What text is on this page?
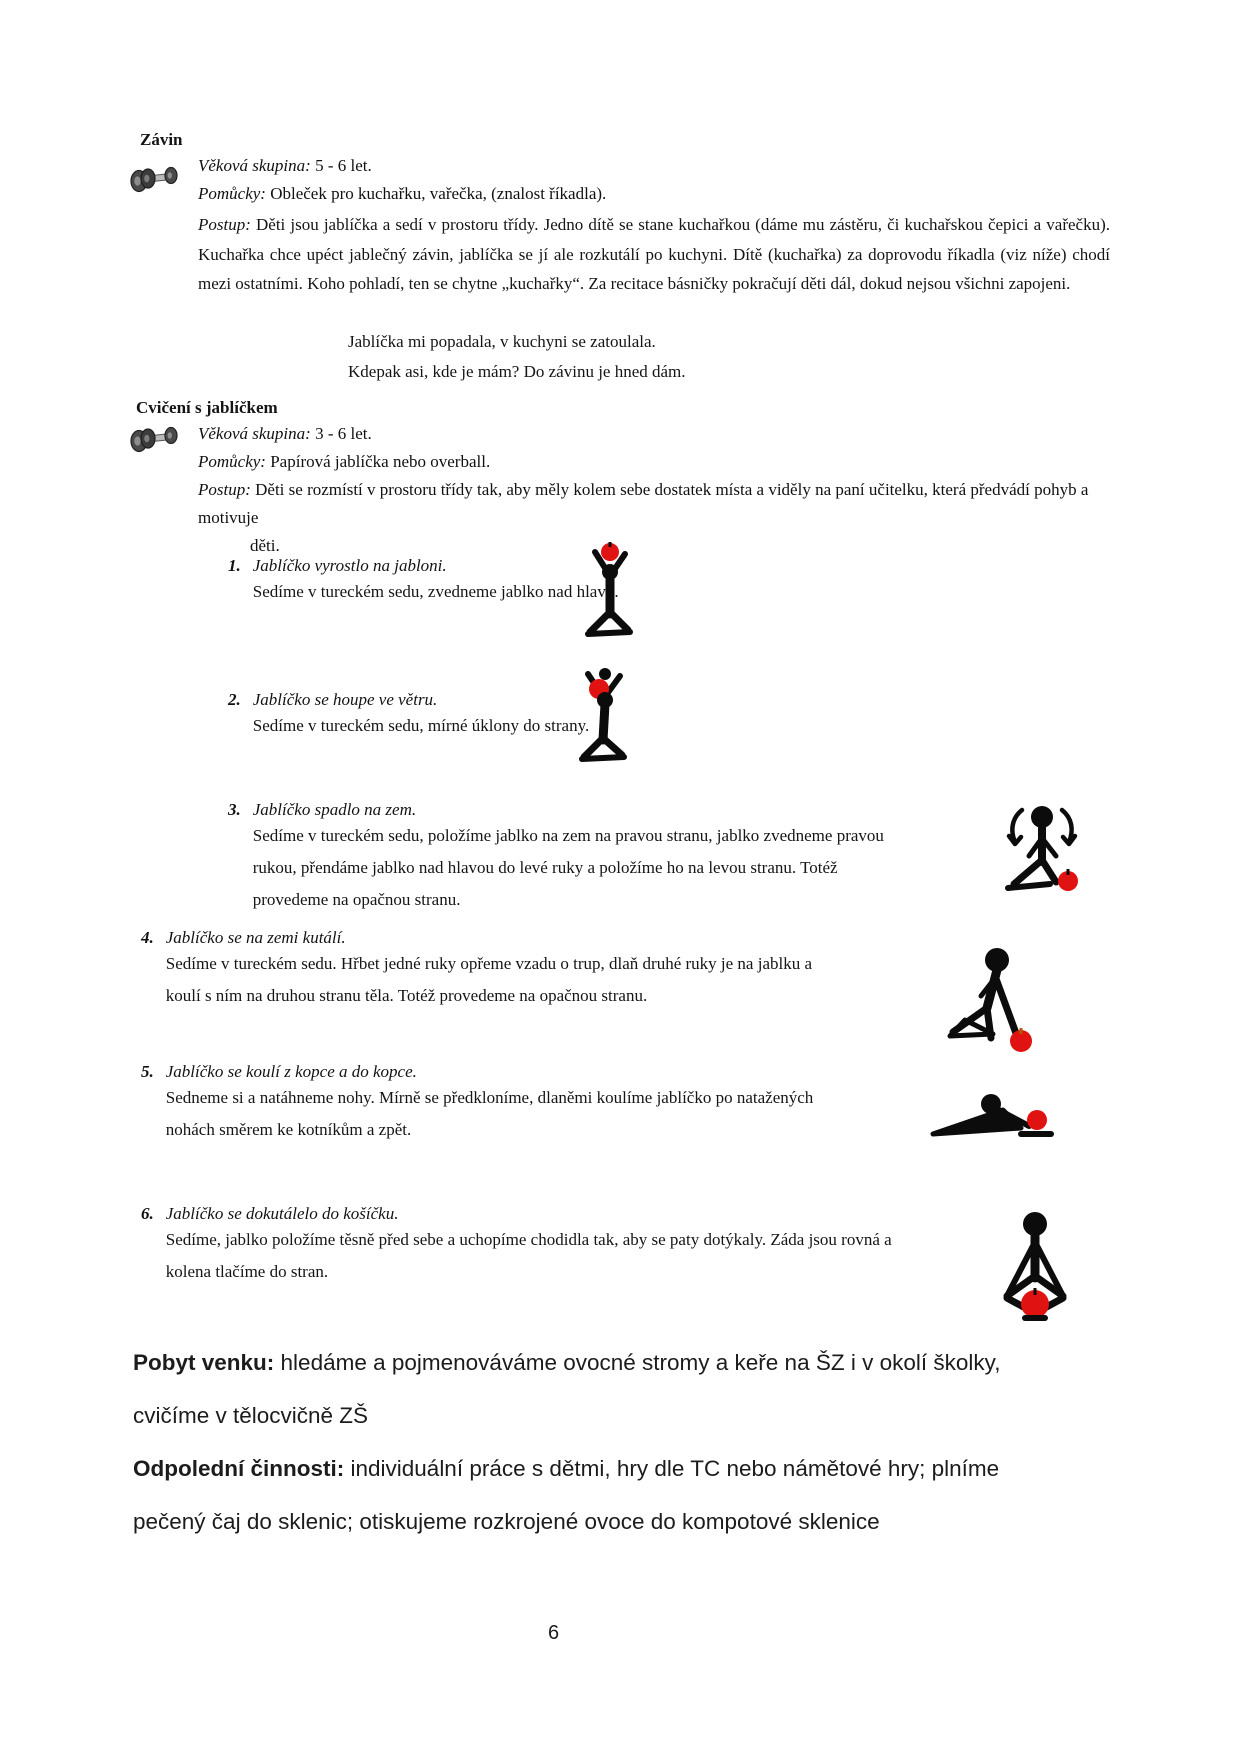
Závin
Věková skupina: 5 - 6 let.
Pomůcky: Obleček pro kuchařku, vařečka, (znalost říkadla).
Postup: Děti jsou jablíčka a sedí v prostoru třídy. Jedno dítě se stane kuchařkou (dáme mu zástěru, či kuchařskou čepici a vařečku). Kuchařka chce upéct jablečný závin, jablíčka se jí ale rozkutálí po kuchyni. Dítě (kuchařka) za doprovodu říkadla (viz níže) chodí mezi ostatními. Koho pohladí, ten se chytne „kuchařky“. Za recitace básničky pokračují děti dál, dokud nejsou všichni zapojeni.
Jablíčka mi popadala, v kuchyni se zatoulala.
Kdepak asi, kde je mám? Do závinu je hned dám.
Cvičení s jablíčkem
Věková skupina: 3 - 6 let.
Pomůcky: Papírová jablíčka nebo overball.
Postup: Děti se rozmístí v prostoru třídy tak, aby měly kolem sebe dostatek místa a viděly na paní učitelku, která předvádí pohyb a motivuje
děti.
1. Jablíčko vyrostlo na jabloni.
Sedíme v tureckém sedu, zvedneme jablko nad hlavu.
2. Jablíčko se houpe ve větru.
Sedíme v tureckém sedu, mírné úklony do strany.
3. Jablíčko spadlo na zem.
Sedíme v tureckém sedu, položíme jablko na zem na pravou stranu, jablko zvedneme pravou rukou, přendáme jablko nad hlavou do levé ruky a položíme ho na levou stranu. Totéž provedeme na opačnou stranu.
4. Jablíčko se na zemi kutálí.
Sedíme v tureckém sedu. Hřbet jedné ruky opřeme vzadu o trup, dlaň druhé ruky je na jablku a koulí s ním na druhou stranu těla. Totéž provedeme na opačnou stranu.
5. Jablíčko se koulí z kopce a do kopce.
Sedneme si a natáhneme nohy. Mírně se předkloníme, dlaněmi koulíme jablíčko po natažených nohách směrem ke kotníkům a zpět.
6. Jablíčko se dokutálelo do košíčku.
Sedíme, jablko položíme těsně před sebe a uchopíme chodidla tak, aby se paty dotýkaly. Záda jsou rovná a kolena tlačíme do stran.
Pobyt venku: hledáme a pojmenováváme ovocné stromy a keře na ŠZ i v okolí školky, cvičíme v tělocvičně ZŠ
Odpolední činnosti: individuální práce s dětmi, hry dle TC nebo námětové hry; plníme pečený čaj do sklenic; otiskujeme rozkrojené ovoce do kompotové sklenice
6
